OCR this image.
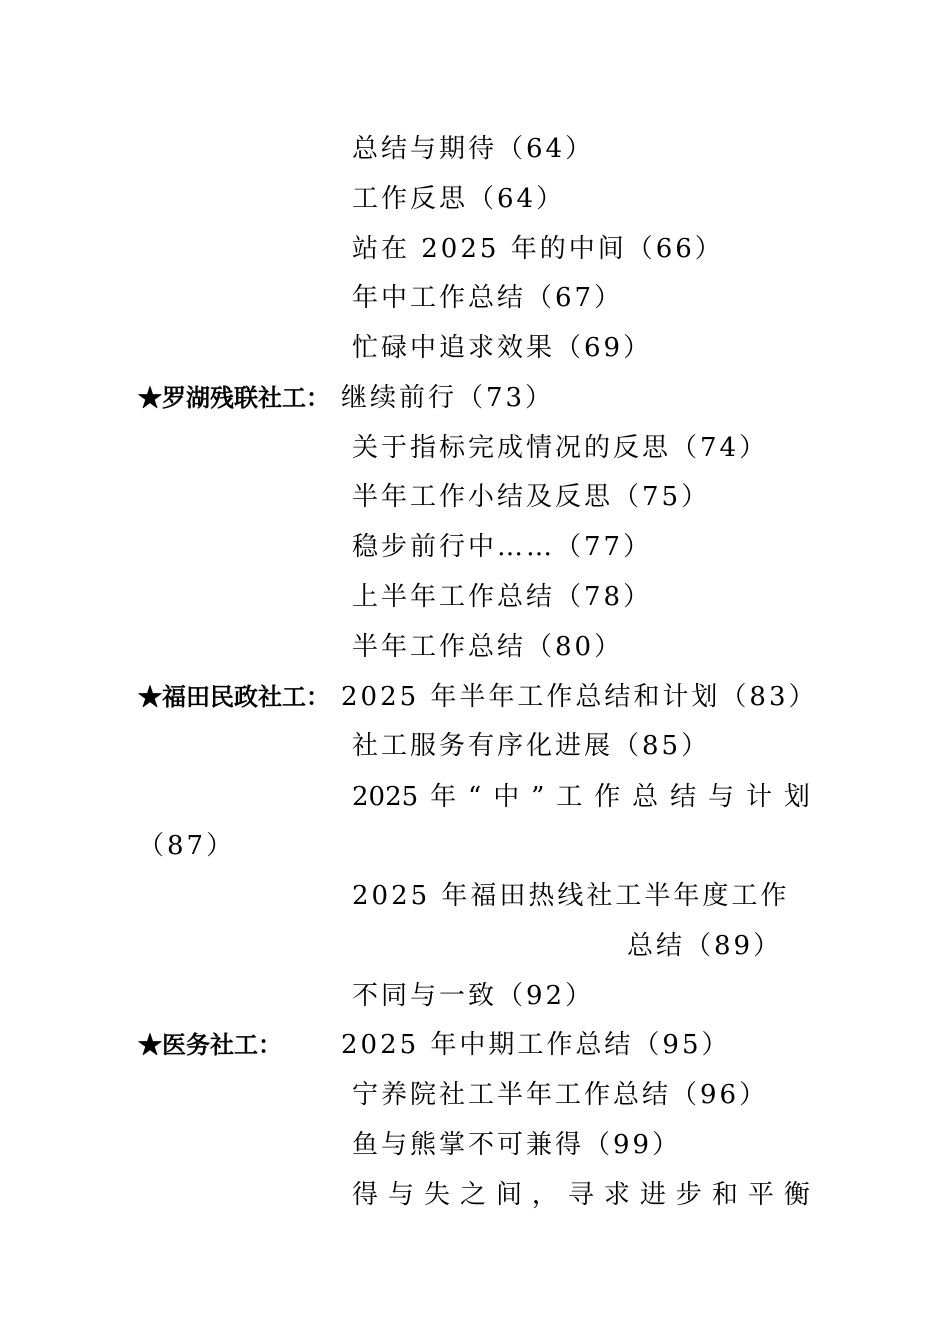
总结与期待（64）
工作反思（64）
站在 2025 年的中间（66）
年中工作总结（67）
忙碌中追求效果（69）
★罗湖残联社工： 继续前行（73）
关于指标完成情况的反思（74）
半年工作小结及反思（75）
稳步前行中……（77）
上半年工作总结（78）
半年工作总结（80）
★福田民政社工： 2025 年半年工作总结和计划（83）
社工服务有序化进展（85）
2025 年 “ 中 ” 工 作 总 结 与 计 划
（87）
2025 年福田热线社工半年度工作
总结（89）
不同与一致（92）
★医务社工： 2025 年中期工作总结（95）
宁养院社工半年工作总结（96）
鱼与熊掌不可兼得（99）
得 与 失 之 间 ， 寻 求 进 步 和 平 衡
